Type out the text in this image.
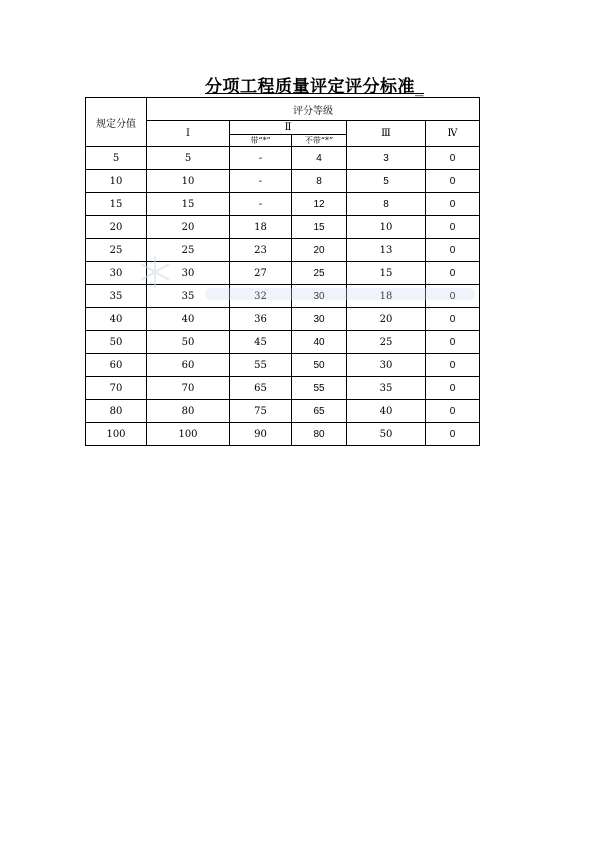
分项工程质量评定评分标准_
规定分值	评分等级				
	Ⅰ	Ⅱ		Ⅲ	Ⅳ
		带“*”	不带“*”		
5	5	-	4	3	0
10	10	-	8	5	0
15	15	-	12	8	0
20	20	18	15	10	0
25	25	23	20	13	0
30	30	27	25	15	0
35	35	32	30	18	0
40	40	36	30	20	0
50	50	45	40	25	0
60	60	55	50	30	0
70	70	65	55	35	0
80	80	75	65	40	0
100	100	90	80	50	0
